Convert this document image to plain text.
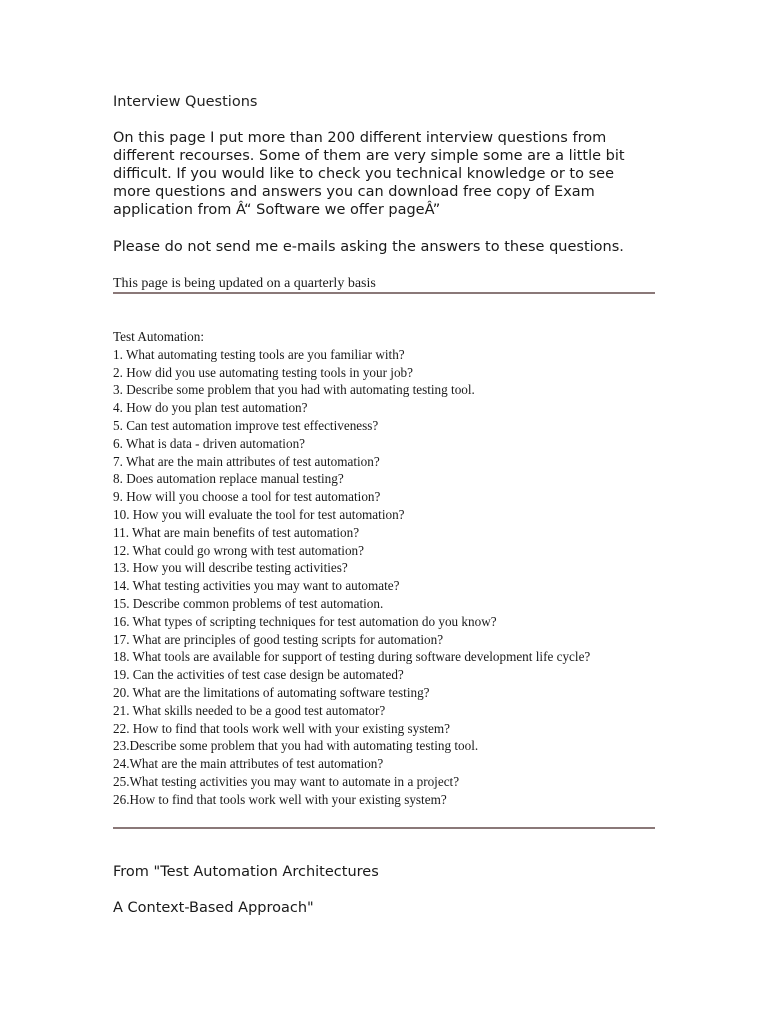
Interview Questions

On this page I put more than 200 different interview questions from different recourses. Some of them are very simple some are a little bit difficult. If you would like to check you technical knowledge or to see more questions and answers you can download free copy of Exam application from Â“ Software we offer pageÂ”

Please do not send me e-mails asking the answers to these questions.
This page is being updated on a quarterly basis

Test Automation:

1. What automating testing tools are you familiar with?
2. How did you use automating testing tools in your job?
3. Describe some problem that you had with automating testing tool.
4. How do you plan test automation?
5. Can test automation improve test effectiveness?
6. What is data - driven automation?
7. What are the main attributes of test automation?
8. Does automation replace manual testing?
9. How will you choose a tool for test automation?
10. How you will evaluate the tool for test automation?
11. What are main benefits of test automation?
12. What could go wrong with test automation?
13. How you will describe testing activities?
14. What testing activities you may want to automate?
15. Describe common problems of test automation.
16. What types of scripting techniques for test automation do you know?
17. What are principles of good testing scripts for automation?
18. What tools are available for support of testing during software development life cycle?
19. Can the activities of test case design be automated?
20. What are the limitations of automating software testing?
21. What skills needed to be a good test automator?
22. How to find that tools work well with your existing system?
23.Describe some problem that you had with automating testing tool.
24.What are the main attributes of test automation?
25.What testing activities you may want to automate in a project?
26.How to find that tools work well with your existing system?
From "Test Automation Architectures
A Context-Based Approach"
